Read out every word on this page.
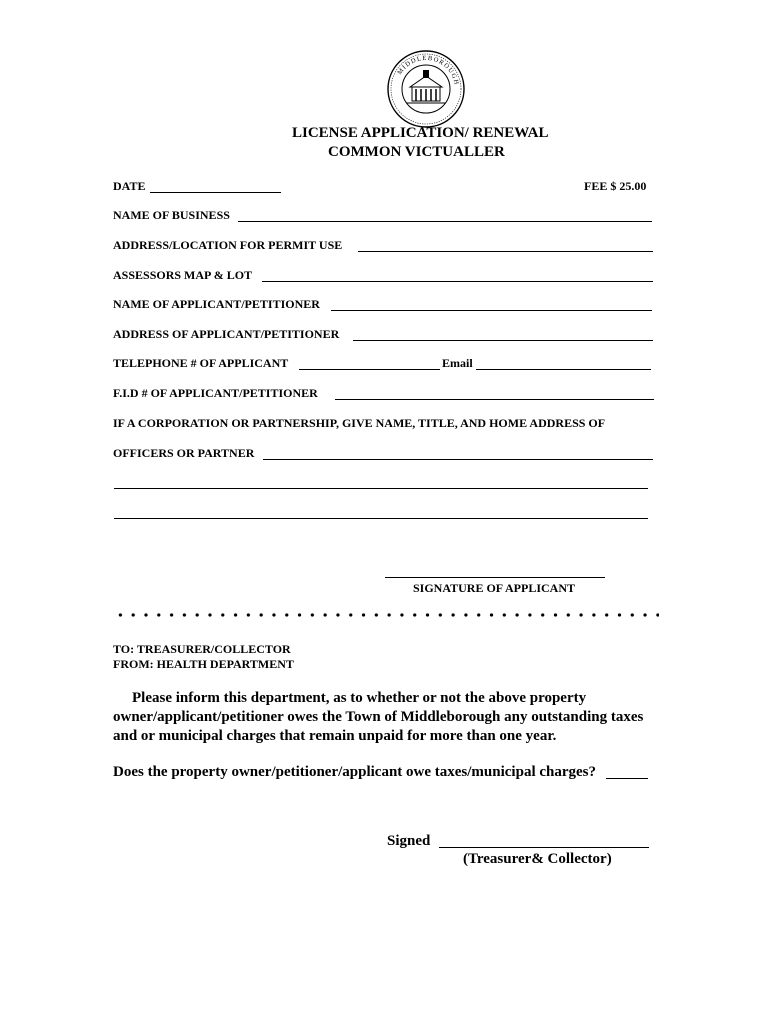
MIDDLEBOROUGH
LICENSE APPLICATION/ RENEWAL
COMMON VICTUALLER
DATE	FEE $ 25.00
NAME OF BUSINESS
ADDRESS/LOCATION FOR PERMIT USE
ASSESSORS MAP & LOT
NAME OF APPLICANT/PETITIONER
ADDRESS OF APPLICANT/PETITIONER
TELEPHONE # OF APPLICANT	Email
F.I.D # OF APPLICANT/PETITIONER
IF A CORPORATION OR PARTNERSHIP, GIVE NAME, TITLE, AND HOME ADDRESS OF
OFFICERS OR PARTNER
SIGNATURE OF APPLICANT
TO: TREASURER/COLLECTOR
FROM: HEALTH DEPARTMENT
Please inform this department, as to whether or not the above property
owner/applicant/petitioner owes the Town of Middleborough any outstanding taxes
and or municipal charges that remain unpaid for more than one year.
Does the property owner/petitioner/applicant owe taxes/municipal charges?
Signed
(Treasurer& Collector)
